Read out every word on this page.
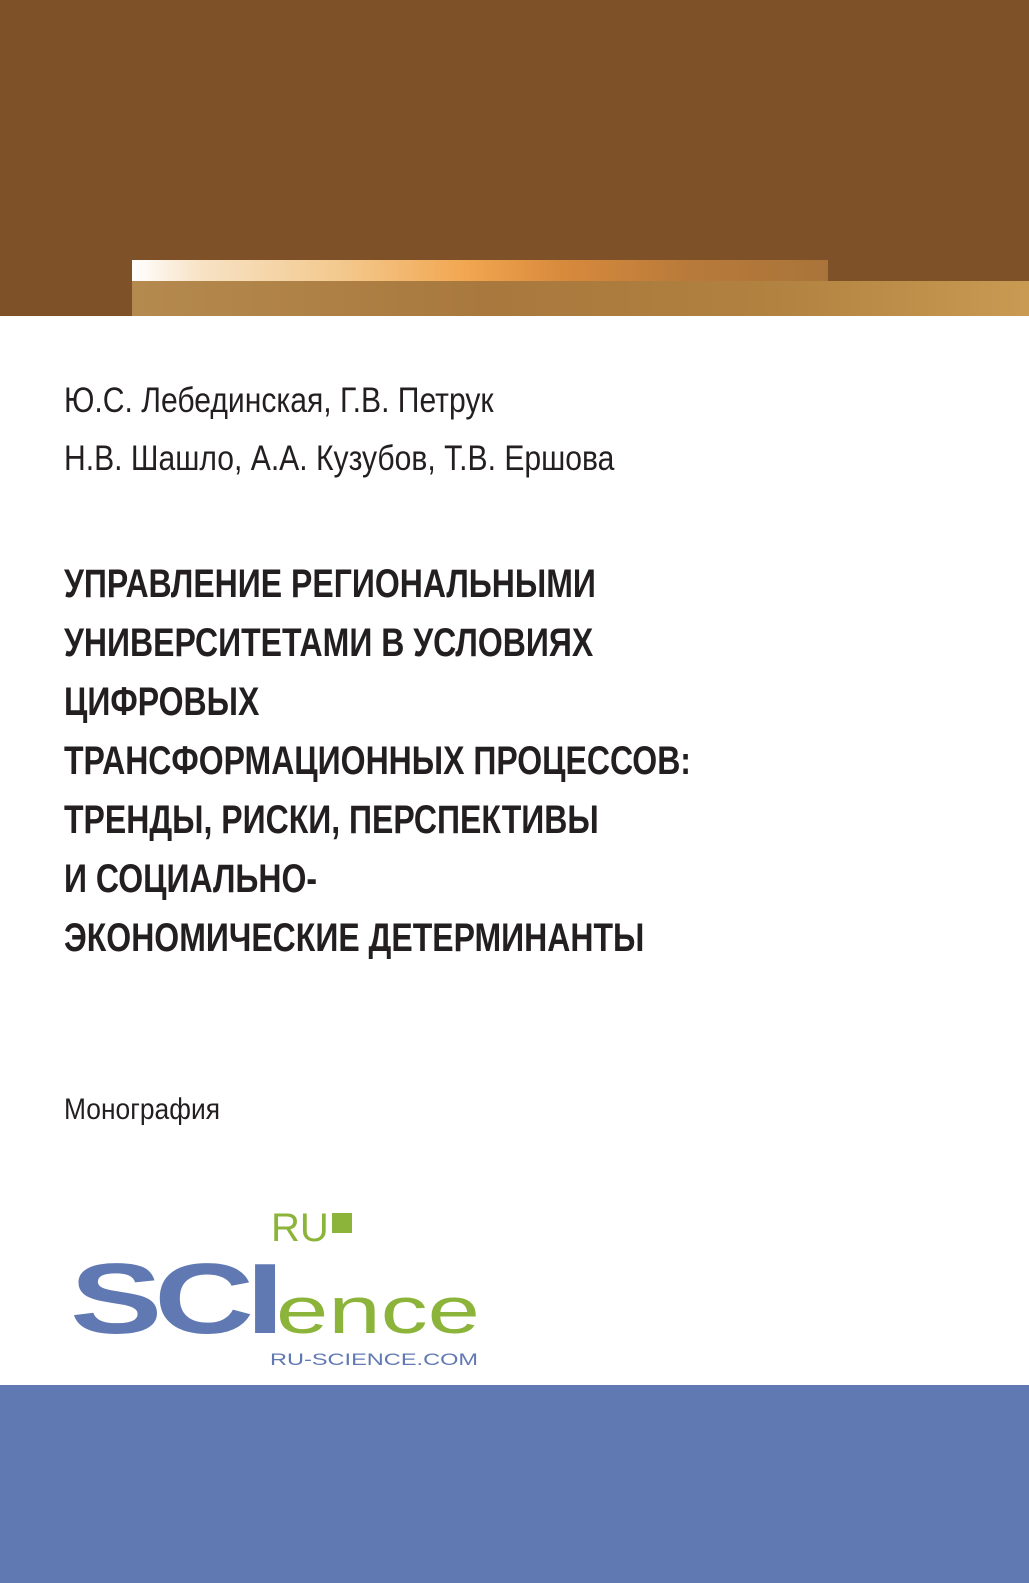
Ю.С. Лебединская, Г.В. Петрук
Н.В. Шашло, А.А. Кузубов, Т.В. Ершова
УПРАВЛЕНИЕ РЕГИОНАЛЬНЫМИ
УНИВЕРСИТЕТАМИ В УСЛОВИЯХ
ЦИФРОВЫХ
ТРАНСФОРМАЦИОННЫХ ПРОЦЕССОВ:
ТРЕНДЫ, РИСКИ, ПЕРСПЕКТИВЫ
И СОЦИАЛЬНО-
ЭКОНОМИЧЕСКИЕ ДЕТЕРМИНАНТЫ
Монография
RU
SCI ence
RU-SCIENCE.COM
